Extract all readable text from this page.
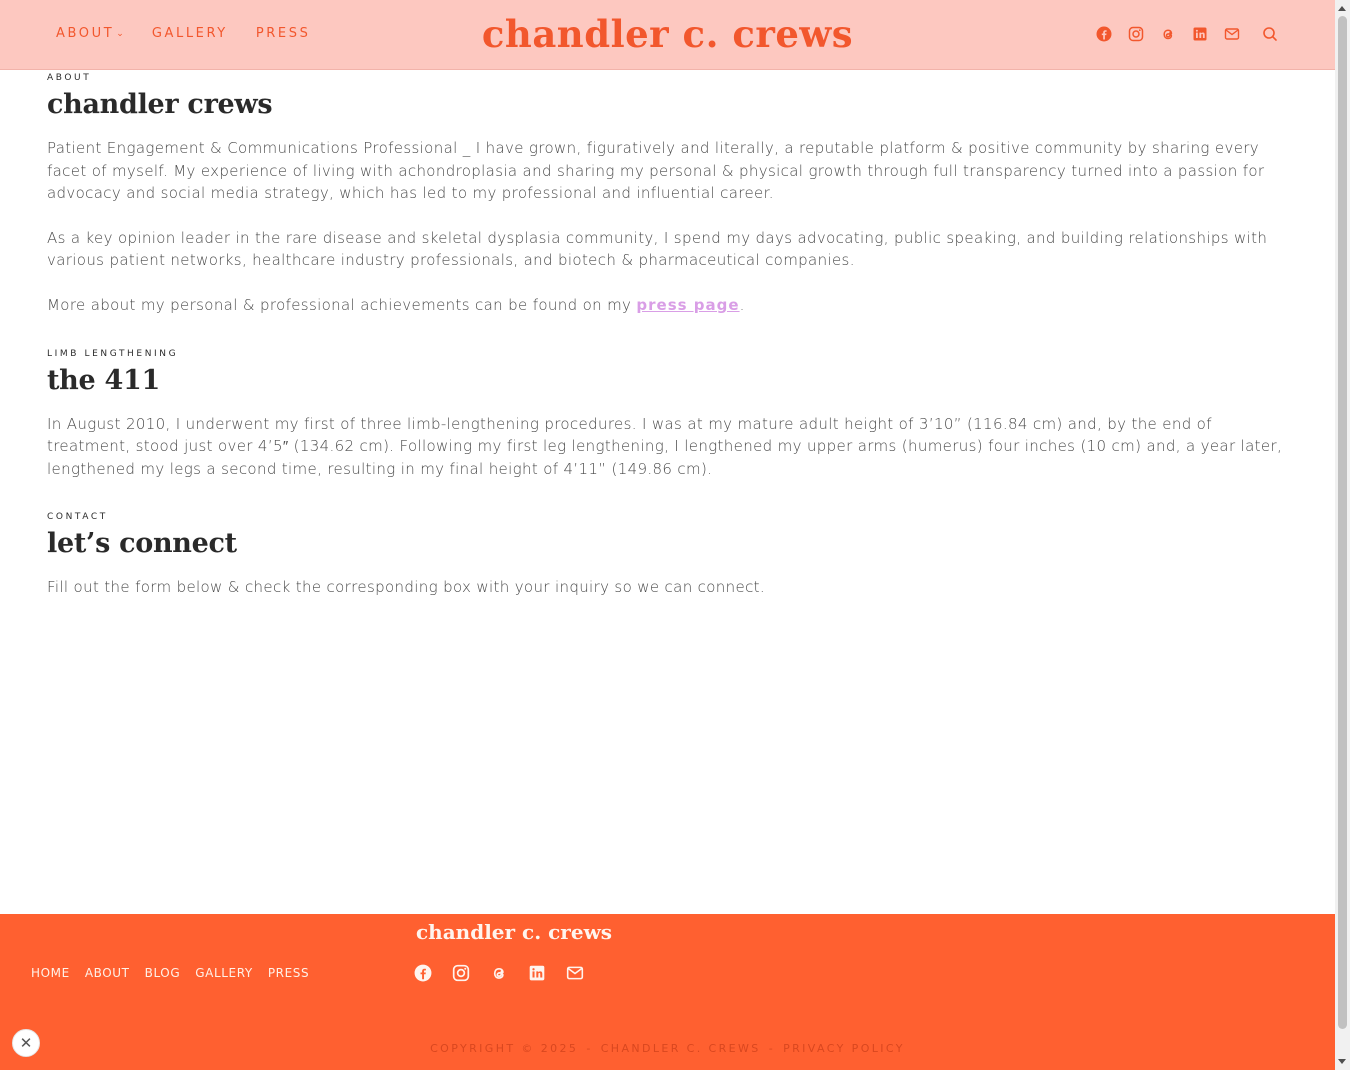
ABOUT ⌄ GALLERY PRESS	chandler c. crews
ABOUT
chandler crews

Patient Engagement & Communications Professional _ I have grown, figuratively and literally, a reputable platform & positive community by sharing every facet of myself. My experience of living with achondroplasia and sharing my personal & physical growth through full transparency turned into a passion for advocacy and social media strategy, which has led to my professional and influential career.

As a key opinion leader in the rare disease and skeletal dysplasia community, I spend my days advocating, public speaking, and building relationships with various patient networks, healthcare industry professionals, and biotech & pharmaceutical companies.

More about my personal & professional achievements can be found on my press page.

LIMB LENGTHENING
the 411

In August 2010, I underwent my first of three limb-lengthening procedures. I was at my mature adult height of 3’10” (116.84 cm) and, by the end of treatment, stood just over 4’5″ (134.62 cm). Following my first leg lengthening, I lengthened my upper arms (humerus) four inches (10 cm) and, a year later, lengthened my legs a second time, resulting in my final height of 4’11” (149.86 cm).

CONTACT
let’s connect

Fill out the form below & check the corresponding box with your inquiry so we can connect.

chandler c. crews
HOME ABOUT BLOG GALLERY PRESS
COPYRIGHT © 2025 - CHANDLER C. CREWS - PRIVACY POLICY
✕
